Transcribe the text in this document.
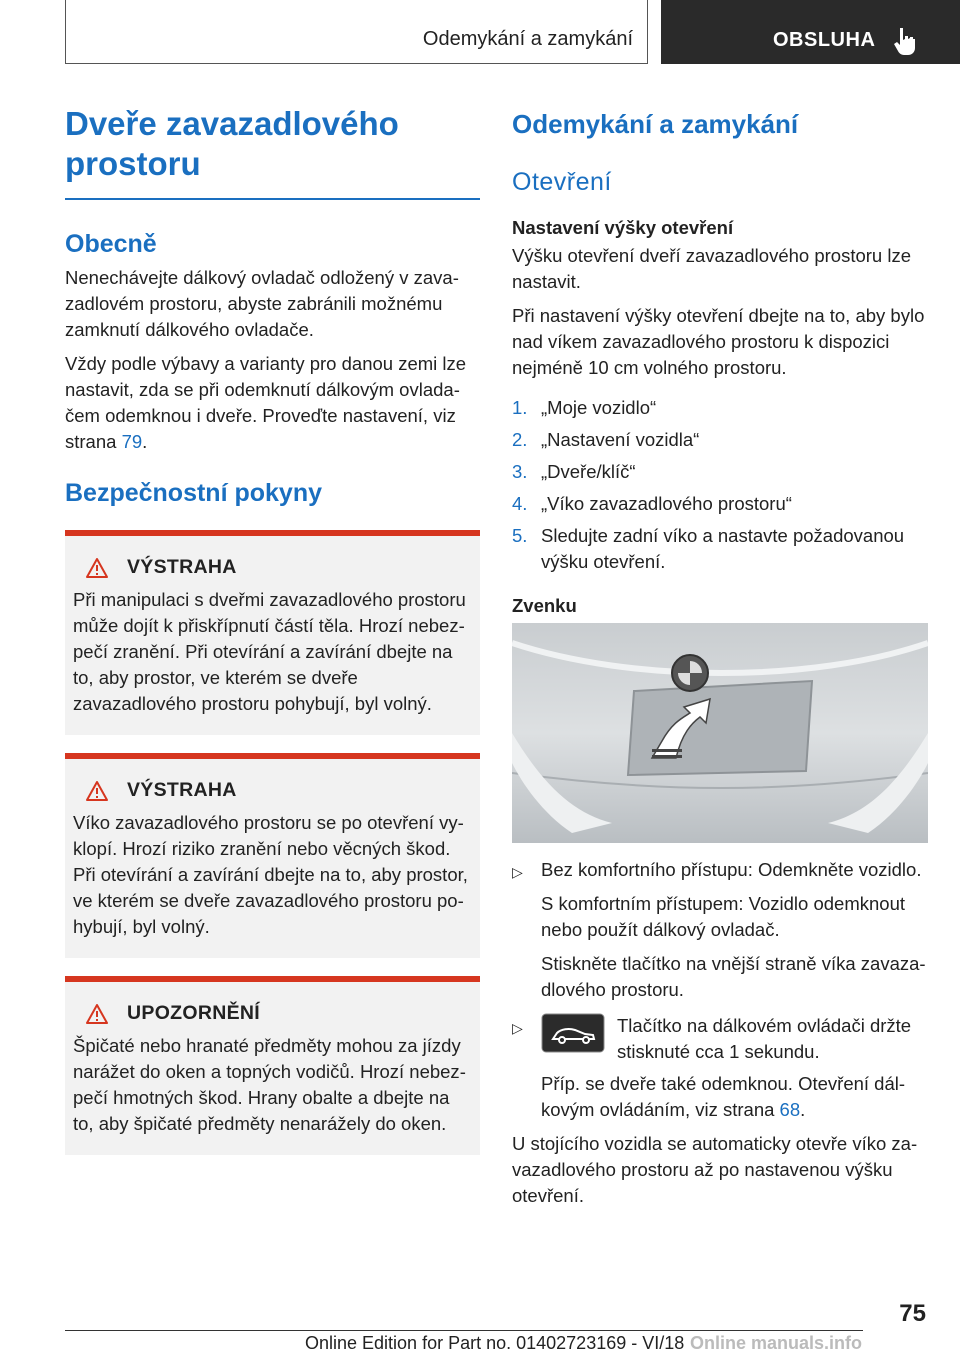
Odemykání a zamykání	OBSLUHA
Dveře zavazadlového prostoru
Obecně

Nenechávejte dálkový ovladač odložený v zavazadlovém prostoru, abyste zabránili možnému zamknutí dálkového ovladače.

Vždy podle výbavy a varianty pro danou zemi lze nastavit, zda se při odemknutí dálkovým ovladačem odemknou i dveře. Proveďte nastavení, viz strana 79.

Bezpečnostní pokyny
VÝSTRAHA

Při manipulaci s dveřmi zavazadlového prostoru může dojít k přiskřípnutí částí těla. Hrozí nebezpečí zranění. Při otevírání a zavírání dbejte na to, aby prostor, ve kterém se dveře zavazadlového prostoru pohybují, byl volný.

VÝSTRAHA

Víko zavazadlového prostoru se po otevření vyklopí. Hrozí riziko zranění nebo věcných škod. Při otevírání a zavírání dbejte na to, aby prostor, ve kterém se dveře zavazadlového prostoru pohybují, byl volný.

UPOZORNĚNÍ

Špičaté nebo hranaté předměty mohou za jízdy narážet do oken a topných vodičů. Hrozí nebezpečí hmotných škod. Hrany obalte a dbejte na to, aby špičaté předměty nenarážely do oken.

Odemykání a zamykání
Otevření
Nastavení výšky otevření

Výšku otevření dveří zavazadlového prostoru lze nastavit.

Při nastavení výšky otevření dbejte na to, aby bylo nad víkem zavazadlového prostoru k dispozici nejméně 10 cm volného prostoru.

1. „Moje vozidlo“
2. „Nastavení vozidla“
3. „Dveře/klíč“
4. „Víko zavazadlového prostoru“
5. Sledujte zadní víko a nastavte požadovanou výšku otevření.
Zvenku
▷ Bez komfortního přístupu: Odemkněte vozidlo.

S komfortním přístupem: Vozidlo odemknout nebo použít dálkový ovladač.

Stiskněte tlačítko na vnější straně víka zavazadlového prostoru.

▷	Tlačítko na dálkovém ovládači držte stisknuté cca 1 sekundu.

Příp. se dveře také odemknou. Otevření dálkovým ovládáním, viz strana 68.

U stojícího vozidla se automaticky otevře víko zavazadlového prostoru až po nastavenou výšku otevření.

75
Online Edition for Part no. 01402723169 - VI/18 Online manuals.info
